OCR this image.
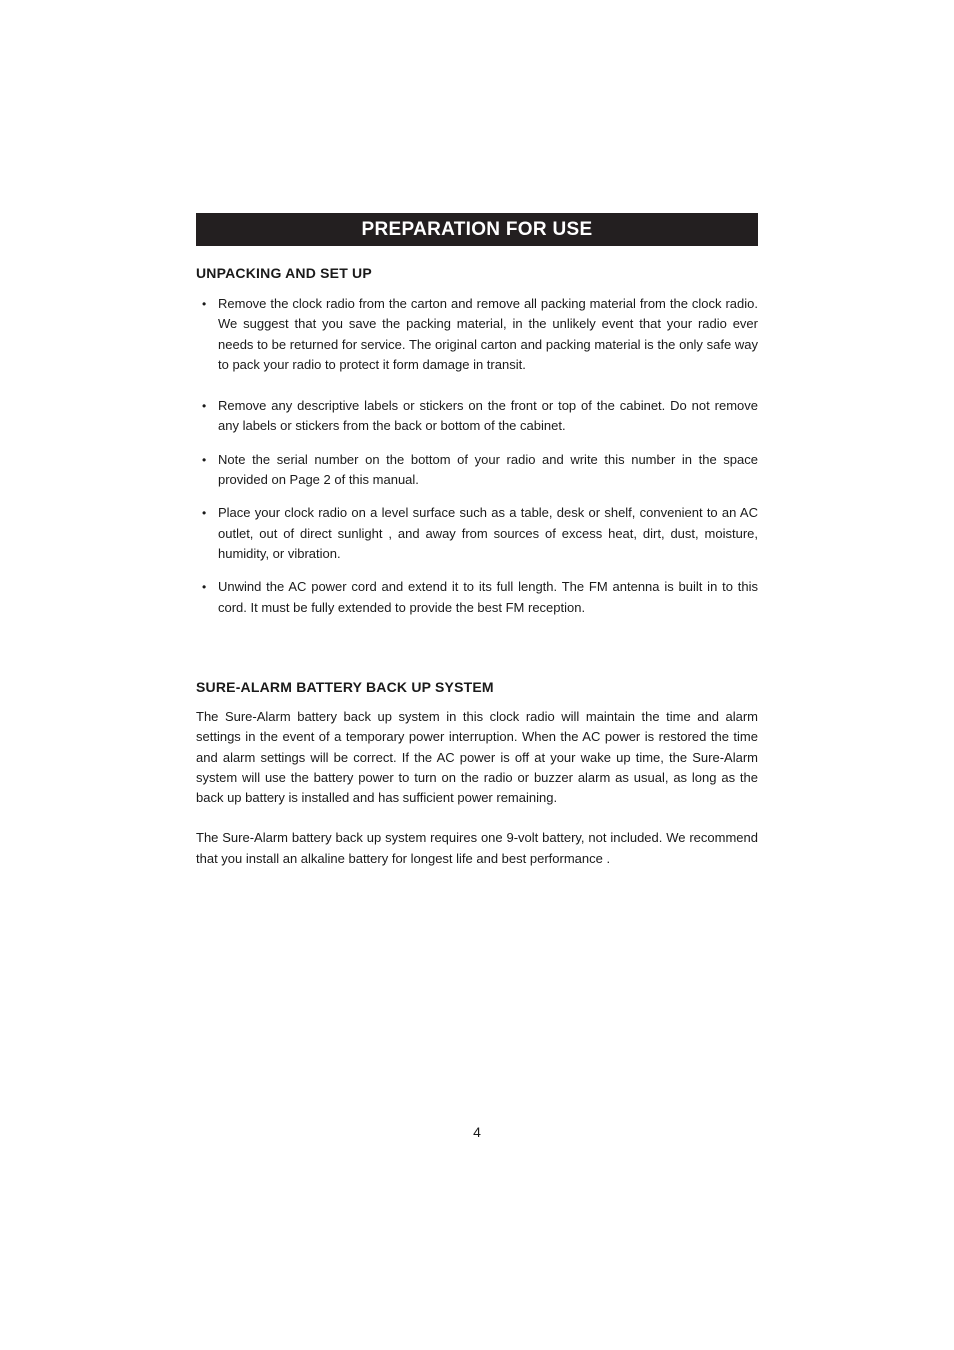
PREPARATION FOR USE
UNPACKING AND SET UP
• Remove the clock radio from the carton and remove all packing material from the clock radio. We suggest that you save the packing material, in the unlikely event that your radio ever needs to be returned for service. The original carton and packing material is the only safe way to pack your radio to protect it form damage in transit.
• Remove any descriptive labels or stickers on the front or top of the cabinet. Do not remove any labels or stickers from the back or bottom of the cabinet.
• Note the serial number on the bottom of your radio and write this number in the space provided on Page 2 of this manual.
• Place your clock radio on a level surface such as a table, desk or shelf, convenient to an AC outlet, out of direct sunlight , and away from sources of excess heat, dirt, dust, moisture, humidity, or vibration.
• Unwind the AC power cord and extend it to its full length. The FM antenna is built in to this cord. It must be fully extended to provide the best FM reception.
SURE-ALARM BATTERY BACK UP SYSTEM

The Sure-Alarm battery back up system in this clock radio will maintain the time and alarm settings in the event of a temporary power interruption. When the AC power is restored the time and alarm settings will be correct. If the AC power is off at your wake up time, the Sure-Alarm system will use the battery power to turn on the radio or buzzer alarm as usual, as long as the back up battery is installed and has sufficient power remaining.

The Sure-Alarm battery back up system requires one 9-volt battery, not included. We recommend that you install an alkaline battery for longest life and best performance .

4
